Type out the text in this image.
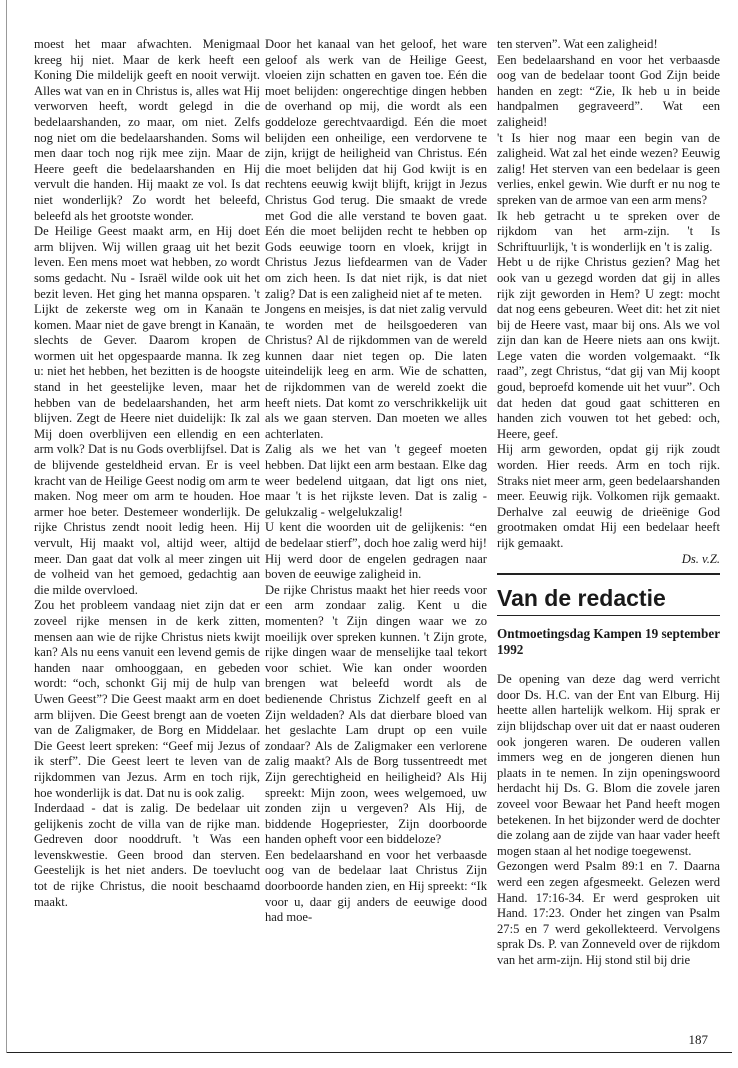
moest het maar afwachten. Menigmaal kreeg hij niet. Maar de kerk heeft een Koning Die mildelijk geeft en nooit verwijt. Alles wat van en in Christus is, alles wat Hij verworven heeft, wordt gelegd in die bedelaarshanden, zo maar, om niet. Zelfs nog niet om die bedelaarshanden. Soms wil men daar toch nog rijk mee zijn. Maar de Heere geeft die bedelaarshanden en Hij vervult die handen. Hij maakt ze vol. Is dat niet wonderlijk? Zo wordt het beleefd, beleefd als het grootste wonder.

De Heilige Geest maakt arm, en Hij doet arm blijven. Wij willen graag uit het bezit leven. Een mens moet wat hebben, zo wordt soms gedacht. Nu - Israël wilde ook uit het bezit leven. Het ging het manna opsparen. 't Lijkt de zekerste weg om in Kanaän te komen. Maar niet de gave brengt in Kanaän, slechts de Gever. Daarom kropen de wormen uit het opgespaarde manna. Ik zeg u: niet het hebben, het bezitten is de hoogste stand in het geestelijke leven, maar het hebben van de bedelaarshanden, het arm blijven. Zegt de Heere niet duidelijk: Ik zal Mij doen overblijven een ellendig en een arm volk? Dat is nu Gods overblijfsel. Dat is de blijvende gesteldheid ervan. Er is veel kracht van de Heilige Geest nodig om arm te maken. Nog meer om arm te houden. Hoe armer hoe beter. Destemeer wonderlijk. De rijke Christus zendt nooit ledig heen. Hij vervult, Hij maakt vol, altijd weer, altijd meer. Dan gaat dat volk al meer zingen uit de volheid van het gemoed, gedachtig aan die milde overvloed.

Zou het probleem vandaag niet zijn dat er zoveel rijke mensen in de kerk zitten, mensen aan wie de rijke Christus niets kwijt kan? Als nu eens vanuit een levend gemis de handen naar omhooggaan, en gebeden wordt: “och, schonkt Gij mij de hulp van Uwen Geest”? Die Geest maakt arm en doet arm blijven. Die Geest brengt aan de voeten van de Zaligmaker, de Borg en Middelaar. Die Geest leert spreken: “Geef mij Jezus of ik sterf”. Die Geest leert te leven van de rijkdommen van Jezus. Arm en toch rijk, hoe wonderlijk is dat. Dat nu is ook zalig.

Inderdaad - dat is zalig. De bedelaar uit gelijkenis zocht de villa van de rijke man. Gedreven door nooddruft. 't Was een levenskwestie. Geen brood dan sterven. Geestelijk is het niet anders. De toevlucht tot de rijke Christus, die nooit beschaamd maakt.

Door het kanaal van het geloof, het ware geloof als werk van de Heilige Geest, vloeien zijn schatten en gaven toe. Eén die moet belijden: ongerechtige dingen hebben de overhand op mij, die wordt als een goddeloze gerechtvaardigd. Eén die moet belijden een onheilige, een verdorvene te zijn, krijgt de heiligheid van Christus. Eén die moet belijden dat hij God kwijt is en rechtens eeuwig kwijt blijft, krijgt in Jezus Christus God terug. Die smaakt de vrede met God die alle verstand te boven gaat. Eén die moet belijden recht te hebben op Gods eeuwige toorn en vloek, krijgt in Christus Jezus liefdearmen van de Vader om zich heen. Is dat niet rijk, is dat niet zalig? Dat is een zaligheid niet af te meten.

Jongens en meisjes, is dat niet zalig vervuld te worden met de heilsgoederen van Christus? Al de rijkdommen van de wereld kunnen daar niet tegen op. Die laten uiteindelijk leeg en arm. Wie de schatten, de rijkdommen van de wereld zoekt die heeft niets. Dat komt zo verschrikkelijk uit als we gaan sterven. Dan moeten we alles achterlaten.

Zalig als we het van 't gegeef moeten hebben. Dat lijkt een arm bestaan. Elke dag weer bedelend uitgaan, dat ligt ons niet, maar 't is het rijkste leven. Dat is zalig - gelukzalig - welgelukzalig!

U kent die woorden uit de gelijkenis: “en de bedelaar stierf”, doch hoe zalig werd hij! Hij werd door de engelen gedragen naar boven de eeuwige zaligheid in.

De rijke Christus maakt het hier reeds voor een arm zondaar zalig. Kent u die momenten? 't Zijn dingen waar we zo moeilijk over spreken kunnen. 't Zijn grote, rijke dingen waar de menselijke taal tekort voor schiet. Wie kan onder woorden brengen wat beleefd wordt als de bedienende Christus Zichzelf geeft en al Zijn weldaden? Als dat dierbare bloed van het geslachte Lam drupt op een vuile zondaar? Als de Zaligmaker een verlorene zalig maakt? Als de Borg tussentreedt met Zijn gerechtigheid en heiligheid? Als Hij spreekt: Mijn zoon, wees welgemoed, uw zonden zijn u vergeven? Als Hij, de biddende Hogepriester, Zijn doorboorde handen opheft voor een biddeloze?

Een bedelaarshand en voor het verbaasde oog van de bedelaar laat Christus Zijn doorboorde handen zien, en Hij spreekt: “Ik voor u, daar gij anders de eeuwige dood had moe-

ten sterven”. Wat een zaligheid!

Een bedelaarshand en voor het verbaasde oog van de bedelaar toont God Zijn beide handen en zegt: “Zie, Ik heb u in beide handpalmen gegraveerd”. Wat een zaligheid!

't Is hier nog maar een begin van de zaligheid. Wat zal het einde wezen? Eeuwig zalig! Het sterven van een bedelaar is geen verlies, enkel gewin. Wie durft er nu nog te spreken van de armoe van een arm mens?

Ik heb getracht u te spreken over de rijkdom van het arm-zijn. 't Is Schriftuurlijk, 't is wonderlijk en 't is zalig.

Hebt u de rijke Christus gezien? Mag het ook van u gezegd worden dat gij in alles rijk zijt geworden in Hem? U zegt: mocht dat nog eens gebeuren. Weet dit: het zit niet bij de Heere vast, maar bij ons. Als we vol zijn dan kan de Heere niets aan ons kwijt. Lege vaten die worden volgemaakt. “Ik raad”, zegt Christus, “dat gij van Mij koopt goud, beproefd komende uit het vuur”. Och dat heden dat goud gaat schitteren en handen zich vouwen tot het gebed: och, Heere, geef.

Hij arm geworden, opdat gij rijk zoudt worden. Hier reeds. Arm en toch rijk. Straks niet meer arm, geen bedelaarshanden meer. Eeuwig rijk. Volkomen rijk gemaakt. Derhalve zal eeuwig de drieënige God grootmaken omdat Hij een bedelaar heeft rijk gemaakt.

Ds. v.Z.

Van de redactie

Ontmoetingsdag Kampen 19 september 1992

De opening van deze dag werd verricht door Ds. H.C. van der Ent van Elburg. Hij heette allen hartelijk welkom. Hij sprak er zijn blijdschap over uit dat er naast ouderen ook jongeren waren. De ouderen vallen immers weg en de jongeren dienen hun plaats in te nemen. In zijn openingswoord herdacht hij Ds. G. Blom die zovele jaren zoveel voor Bewaar het Pand heeft mogen betekenen. In het bijzonder werd de dochter die zolang aan de zijde van haar vader heeft mogen staan al het nodige toegewenst.

Gezongen werd Psalm 89:1 en 7. Daarna werd een zegen afgesmeekt. Gelezen werd Hand. 17:16-34. Er werd gesproken uit Hand. 17:23. Onder het zingen van Psalm 27:5 en 7 werd gekollekteerd. Vervolgens sprak Ds. P. van Zonneveld over de rijkdom van het arm-zijn. Hij stond stil bij drie

187
